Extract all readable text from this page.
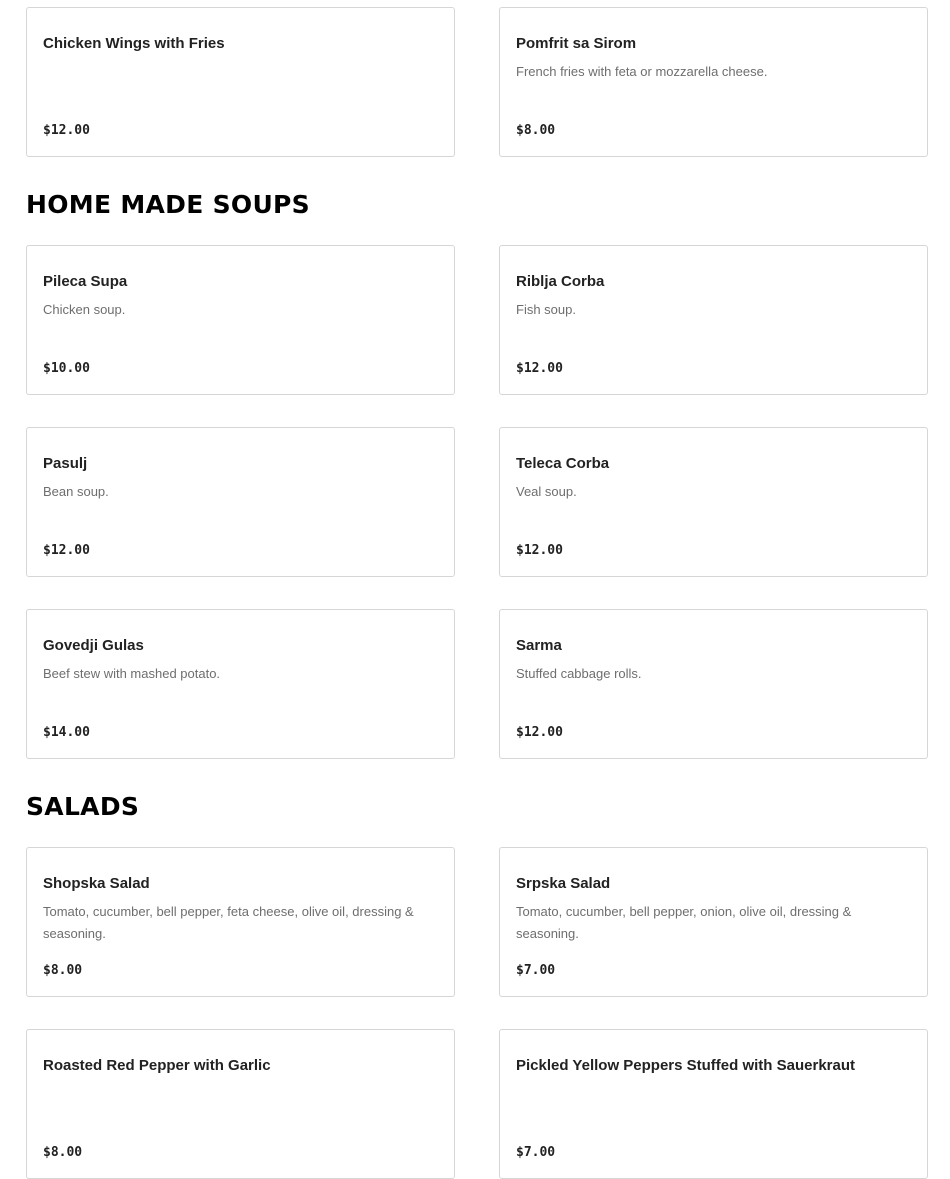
Chicken Wings with Fries
$12.00
Pomfrit sa Sirom
French fries with feta or mozzarella cheese.
$8.00
HOME MADE SOUPS
Pileca Supa
Chicken soup.
$10.00
Riblja Corba
Fish soup.
$12.00
Pasulj
Bean soup.
$12.00
Teleca Corba
Veal soup.
$12.00
Govedji Gulas
Beef stew with mashed potato.
$14.00
Sarma
Stuffed cabbage rolls.
$12.00
SALADS
Shopska Salad
Tomato, cucumber, bell pepper, feta cheese, olive oil, dressing & seasoning.
$8.00
Srpska Salad
Tomato, cucumber, bell pepper, onion, olive oil, dressing & seasoning.
$7.00
Roasted Red Pepper with Garlic
$8.00
Pickled Yellow Peppers Stuffed with Sauerkraut
$7.00
